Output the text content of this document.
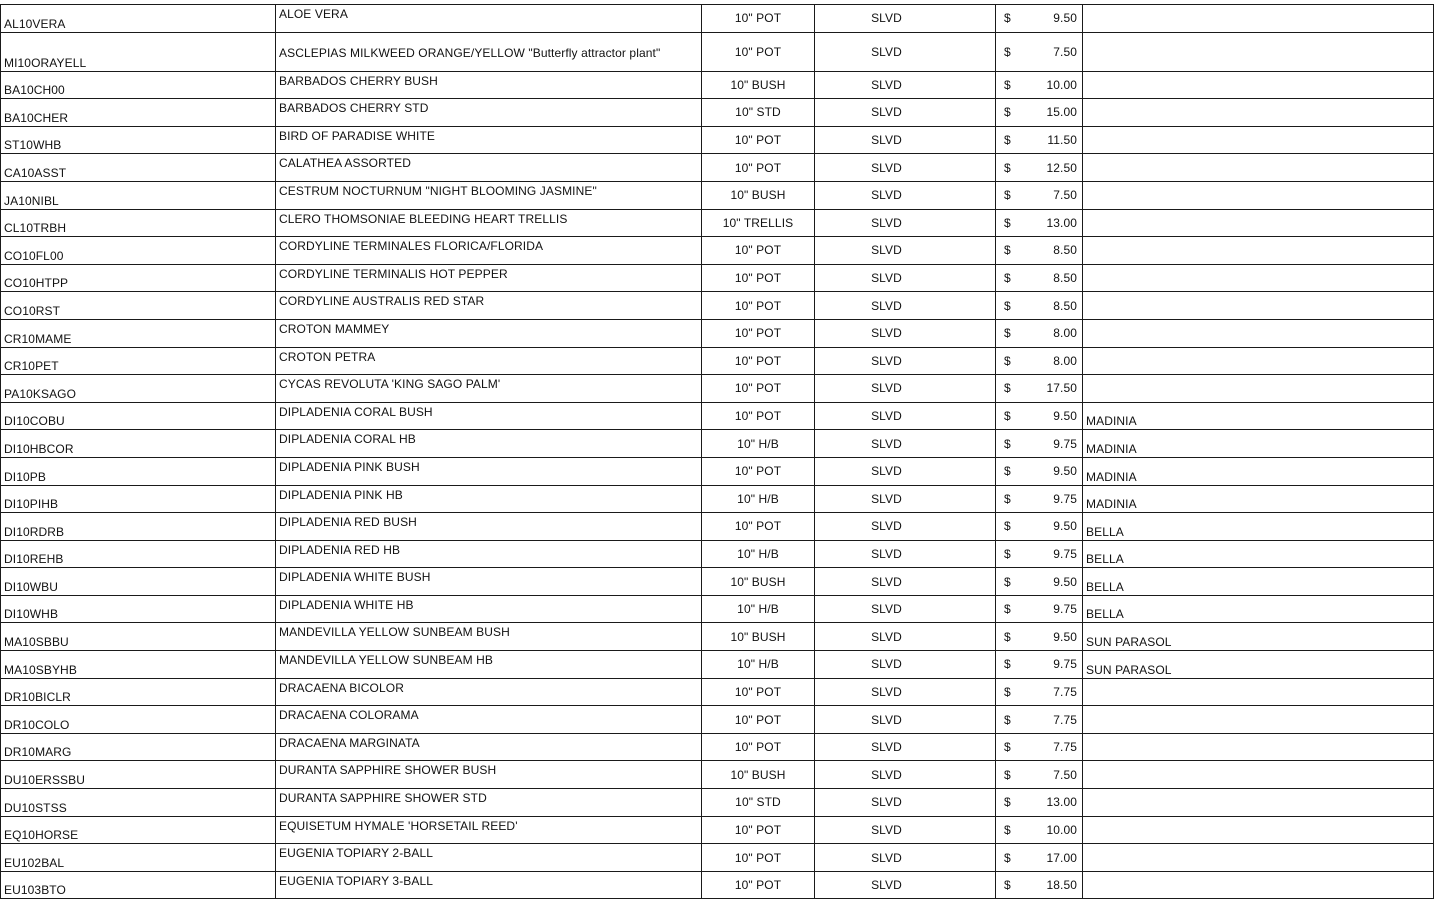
AL10VERA	ALOE VERA	10" POT	SLVD	$ 9.50	

MI10ORAYELL	ASCLEPIAS MILKWEED ORANGE/YELLOW "Butterfly attractor plant"	10" POT	SLVD	$ 7.50	

BA10CH00	BARBADOS CHERRY BUSH	10" BUSH	SLVD	$ 10.00	

BA10CHER	BARBADOS CHERRY STD	10" STD	SLVD	$ 15.00	

ST10WHB	BIRD OF PARADISE WHITE	10" POT	SLVD	$ 11.50	

CA10ASST	CALATHEA ASSORTED	10" POT	SLVD	$ 12.50	

JA10NIBL	CESTRUM NOCTURNUM "NIGHT BLOOMING JASMINE"	10" BUSH	SLVD	$ 7.50	

CL10TRBH	CLERO THOMSONIAE BLEEDING HEART TRELLIS	10" TRELLIS	SLVD	$ 13.00	

CO10FL00	CORDYLINE TERMINALES FLORICA/FLORIDA	10" POT	SLVD	$ 8.50	

CO10HTPP	CORDYLINE TERMINALIS HOT PEPPER	10" POT	SLVD	$ 8.50	

CO10RST	CORDYLINE AUSTRALIS RED STAR	10" POT	SLVD	$ 8.50	

CR10MAME	CROTON MAMMEY	10" POT	SLVD	$ 8.00	

CR10PET	CROTON PETRA	10" POT	SLVD	$ 8.00	

PA10KSAGO	CYCAS REVOLUTA 'KING SAGO PALM'	10" POT	SLVD	$ 17.50	

DI10COBU	DIPLADENIA CORAL BUSH	10" POT	SLVD	$ 9.50	MADINIA
DI10HBCOR	DIPLADENIA CORAL HB	10" H/B	SLVD	$ 9.75	MADINIA
DI10PB	DIPLADENIA PINK BUSH	10" POT	SLVD	$ 9.50	MADINIA
DI10PIHB	DIPLADENIA PINK HB	10" H/B	SLVD	$ 9.75	MADINIA
DI10RDRB	DIPLADENIA RED BUSH	10" POT	SLVD	$ 9.50	BELLA
DI10REHB	DIPLADENIA RED HB	10" H/B	SLVD	$ 9.75	BELLA
DI10WBU	DIPLADENIA WHITE BUSH	10" BUSH	SLVD	$ 9.50	BELLA
DI10WHB	DIPLADENIA WHITE HB	10" H/B	SLVD	$ 9.75	BELLA
MA10SBBU	MANDEVILLA YELLOW SUNBEAM BUSH	10" BUSH	SLVD	$ 9.50	SUN PARASOL
MA10SBYHB	MANDEVILLA YELLOW SUNBEAM HB	10" H/B	SLVD	$ 9.75	SUN PARASOL
DR10BICLR	DRACAENA BICOLOR	10" POT	SLVD	$ 7.75	

DR10COLO	DRACAENA COLORAMA	10" POT	SLVD	$ 7.75	

DR10MARG	DRACAENA MARGINATA	10" POT	SLVD	$ 7.75	

DU10ERSSBU	DURANTA SAPPHIRE SHOWER BUSH	10" BUSH	SLVD	$ 7.50	

DU10STSS	DURANTA SAPPHIRE SHOWER STD	10" STD	SLVD	$ 13.00	

EQ10HORSE	EQUISETUM HYMALE 'HORSETAIL REED'	10" POT	SLVD	$ 10.00	

EU102BAL	EUGENIA TOPIARY 2-BALL	10" POT	SLVD	$ 17.00	

EU103BTO	EUGENIA TOPIARY 3-BALL	10" POT	SLVD	$ 18.50	
